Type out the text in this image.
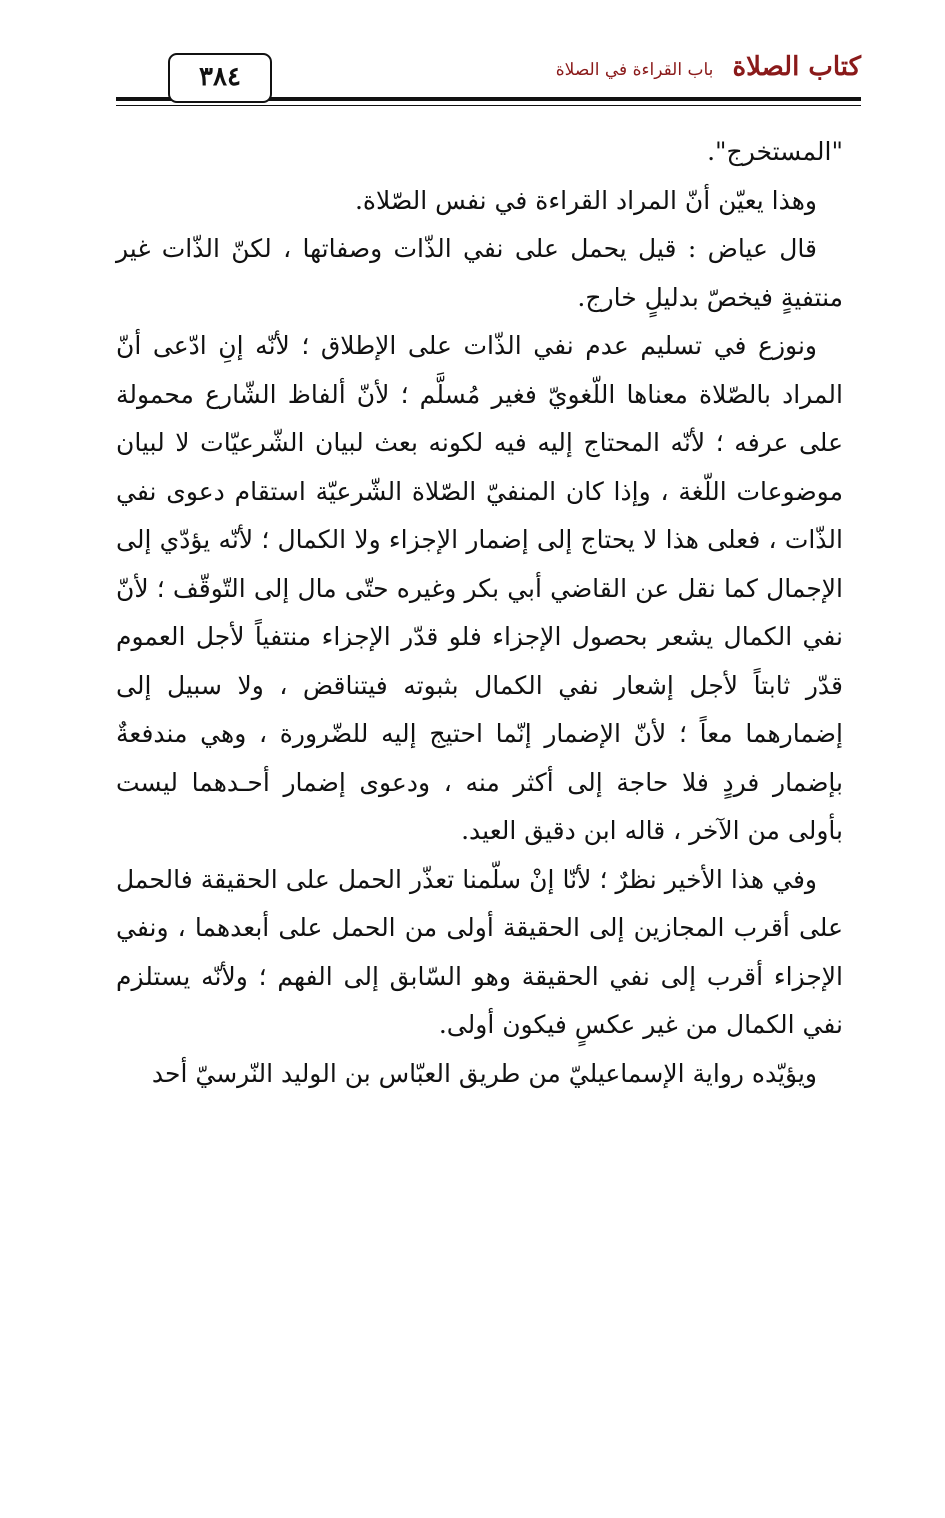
٣٨٤	كتاب الصلاة باب القراءة في الصلاة

"المستخرج".

وهذا يعيّن أنّ المراد القراءة في نفس الصّلاة.

قال عياض : قيل يحمل على نفي الذّات وصفاتها ، لكنّ الذّات غير منتفيةٍ فيخصّ بدليلٍ خارج.

ونوزع في تسليم عدم نفي الذّات على الإطلاق ؛ لأنّه إنِ ادّعى أنّ المراد بالصّلاة معناها اللّغويّ فغير مُسلَّم ؛ لأنّ ألفاظ الشّارع محمولة على عرفه ؛ لأنّه المحتاج إليه فيه لكونه بعث لبيان الشّرعيّات لا لبيان موضوعات اللّغة ، وإذا كان المنفيّ الصّلاة الشّرعيّة استقام دعوى نفي الذّات ، فعلى هذا لا يحتاج إلى إضمار الإجزاء ولا الكمال ؛ لأنّه يؤدّي إلى الإجمال كما نقل عن القاضي أبي بكر وغيره حتّى مال إلى التّوقّف ؛ لأنّ نفي الكمال يشعر بحصول الإجزاء فلو قدّر الإجزاء منتفياً لأجل العموم قدّر ثابتاً لأجل إشعار نفي الكمال بثبوته فيتناقض ، ولا سبيل إلى إضمارهما معاً ؛ لأنّ الإضمار إنّما احتيج إليه للضّرورة ، وهي مندفعةٌ بإضمار فردٍ فلا حاجة إلى أكثر منه ، ودعوى إضمار أحـدهما ليست بأولى من الآخر ، قاله ابن دقيق العيد.

وفي هذا الأخير نظرٌ ؛ لأنّا إنْ سلّمنا تعذّر الحمل على الحقيقة فالحمل على أقرب المجازين إلى الحقيقة أولى من الحمل على أبعدهما ، ونفي الإجزاء أقرب إلى نفي الحقيقة وهو السّابق إلى الفهم ؛ ولأنّه يستلزم نفي الكمال من غير عكسٍ فيكون أولى.

ويؤيّده رواية الإسماعيليّ من طريق العبّاس بن الوليد النّرسيّ أحد
